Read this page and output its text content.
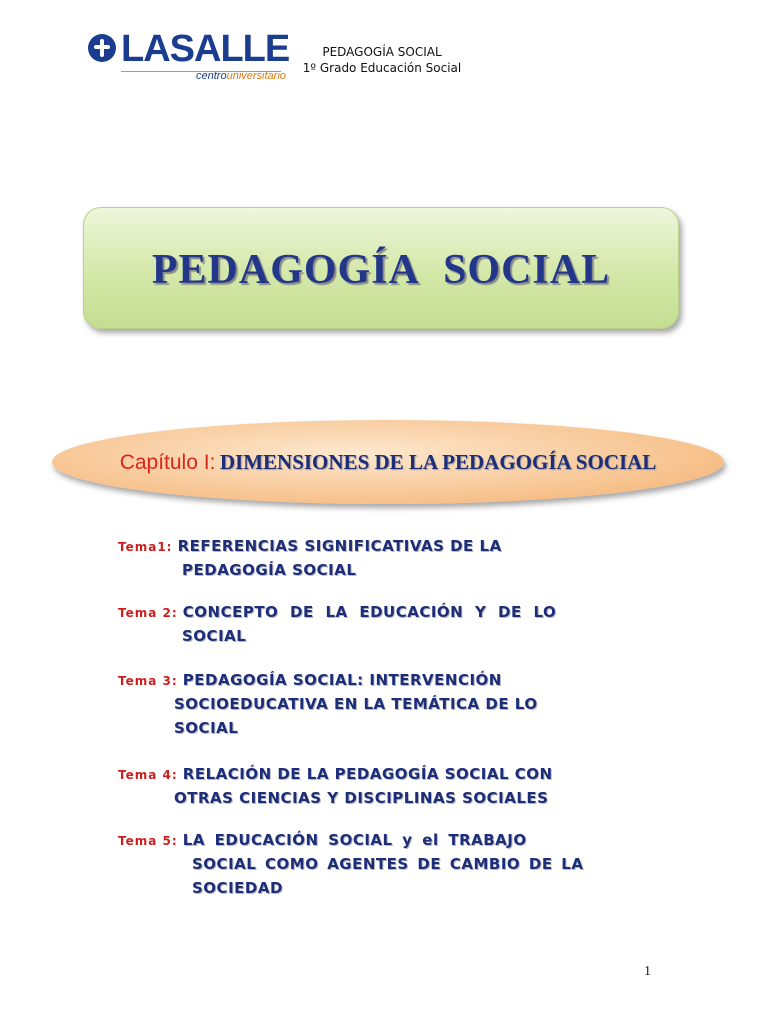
LASALLE
centrouniversitario
PEDAGOGÍA SOCIAL
1º Grado Educación Social
PEDAGOGÍA SOCIAL
Capítulo I: DIMENSIONES DE LA PEDAGOGÍA SOCIAL
Tema1: REFERENCIAS SIGNIFICATIVAS DE LA
PEDAGOGÍA SOCIAL
Tema 2: CONCEPTO DE LA EDUCACIÓN Y DE LO
SOCIAL
Tema 3: PEDAGOGÍA SOCIAL: INTERVENCIÓN
SOCIOEDUCATIVA EN LA TEMÁTICA DE LO
SOCIAL
Tema 4: RELACIÓN DE LA PEDAGOGÍA SOCIAL CON
OTRAS CIENCIAS Y DISCIPLINAS SOCIALES
Tema 5: LA EDUCACIÓN SOCIAL y el TRABAJO
SOCIAL COMO AGENTES DE CAMBIO DE LA
SOCIEDAD
1
